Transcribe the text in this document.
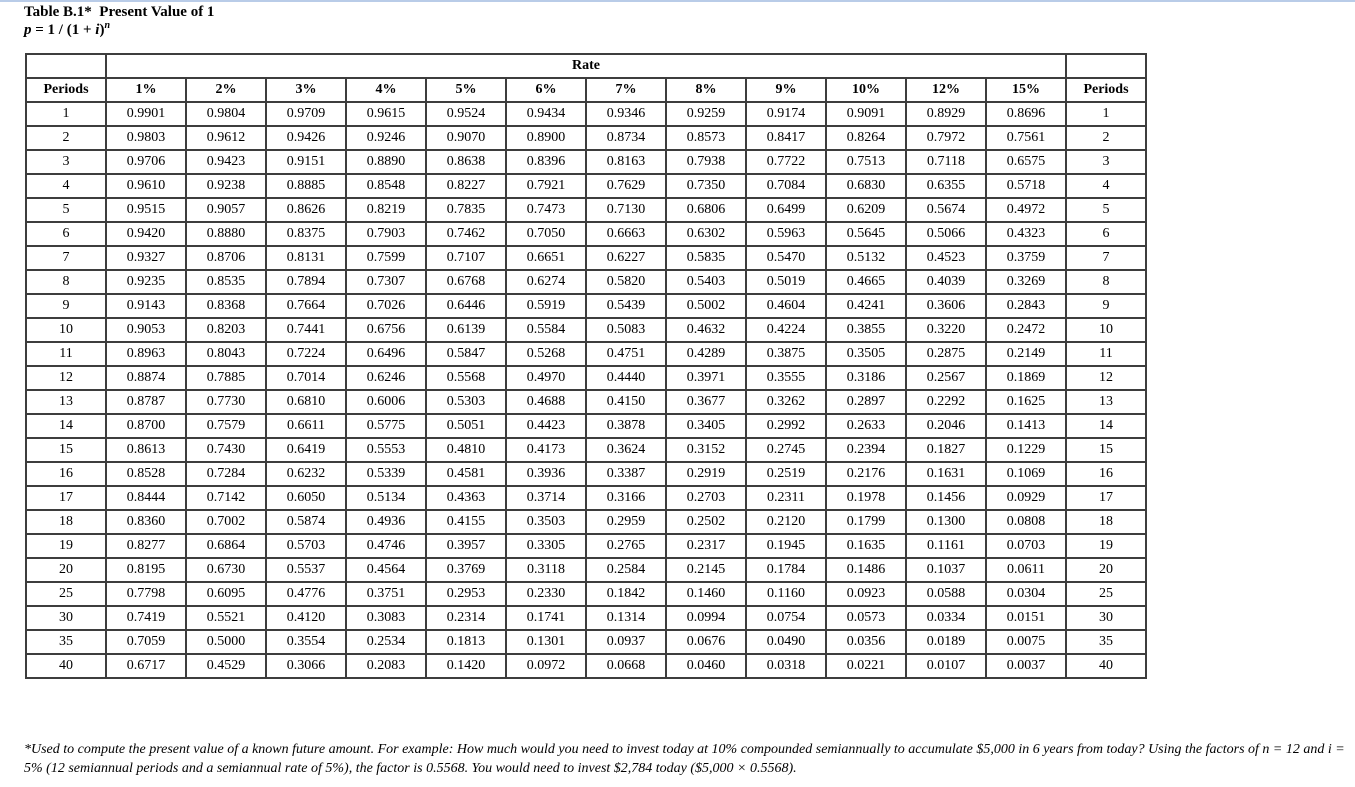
Table B.1*  Present Value of 1
$p = 1 / (1 + i)^n$
	Rate												
Periods	1%	2%	3%	4%	5%	6%	7%	8%	9%	10%	12%	15%	Periods
1	0.9901	0.9804	0.9709	0.9615	0.9524	0.9434	0.9346	0.9259	0.9174	0.9091	0.8929	0.8696	1
2	0.9803	0.9612	0.9426	0.9246	0.9070	0.8900	0.8734	0.8573	0.8417	0.8264	0.7972	0.7561	2
3	0.9706	0.9423	0.9151	0.8890	0.8638	0.8396	0.8163	0.7938	0.7722	0.7513	0.7118	0.6575	3
4	0.9610	0.9238	0.8885	0.8548	0.8227	0.7921	0.7629	0.7350	0.7084	0.6830	0.6355	0.5718	4
5	0.9515	0.9057	0.8626	0.8219	0.7835	0.7473	0.7130	0.6806	0.6499	0.6209	0.5674	0.4972	5
6	0.9420	0.8880	0.8375	0.7903	0.7462	0.7050	0.6663	0.6302	0.5963	0.5645	0.5066	0.4323	6
7	0.9327	0.8706	0.8131	0.7599	0.7107	0.6651	0.6227	0.5835	0.5470	0.5132	0.4523	0.3759	7
8	0.9235	0.8535	0.7894	0.7307	0.6768	0.6274	0.5820	0.5403	0.5019	0.4665	0.4039	0.3269	8
9	0.9143	0.8368	0.7664	0.7026	0.6446	0.5919	0.5439	0.5002	0.4604	0.4241	0.3606	0.2843	9
10	0.9053	0.8203	0.7441	0.6756	0.6139	0.5584	0.5083	0.4632	0.4224	0.3855	0.3220	0.2472	10
11	0.8963	0.8043	0.7224	0.6496	0.5847	0.5268	0.4751	0.4289	0.3875	0.3505	0.2875	0.2149	11
12	0.8874	0.7885	0.7014	0.6246	0.5568	0.4970	0.4440	0.3971	0.3555	0.3186	0.2567	0.1869	12
13	0.8787	0.7730	0.6810	0.6006	0.5303	0.4688	0.4150	0.3677	0.3262	0.2897	0.2292	0.1625	13
14	0.8700	0.7579	0.6611	0.5775	0.5051	0.4423	0.3878	0.3405	0.2992	0.2633	0.2046	0.1413	14
15	0.8613	0.7430	0.6419	0.5553	0.4810	0.4173	0.3624	0.3152	0.2745	0.2394	0.1827	0.1229	15
16	0.8528	0.7284	0.6232	0.5339	0.4581	0.3936	0.3387	0.2919	0.2519	0.2176	0.1631	0.1069	16
17	0.8444	0.7142	0.6050	0.5134	0.4363	0.3714	0.3166	0.2703	0.2311	0.1978	0.1456	0.0929	17
18	0.8360	0.7002	0.5874	0.4936	0.4155	0.3503	0.2959	0.2502	0.2120	0.1799	0.1300	0.0808	18
19	0.8277	0.6864	0.5703	0.4746	0.3957	0.3305	0.2765	0.2317	0.1945	0.1635	0.1161	0.0703	19
20	0.8195	0.6730	0.5537	0.4564	0.3769	0.3118	0.2584	0.2145	0.1784	0.1486	0.1037	0.0611	20
25	0.7798	0.6095	0.4776	0.3751	0.2953	0.2330	0.1842	0.1460	0.1160	0.0923	0.0588	0.0304	25
30	0.7419	0.5521	0.4120	0.3083	0.2314	0.1741	0.1314	0.0994	0.0754	0.0573	0.0334	0.0151	30
35	0.7059	0.5000	0.3554	0.2534	0.1813	0.1301	0.0937	0.0676	0.0490	0.0356	0.0189	0.0075	35
40	0.6717	0.4529	0.3066	0.2083	0.1420	0.0972	0.0668	0.0460	0.0318	0.0221	0.0107	0.0037	40
*Used to compute the present value of a known future amount. For example: How much would you need to invest today at 10% compounded semiannually to accumulate $5,000 in 6 years from today? Using the factors of n = 12 and i = 5% (12 semiannual periods and a semiannual rate of 5%), the factor is 0.5568. You would need to invest $2,784 today ($5,000 × 0.5568).
